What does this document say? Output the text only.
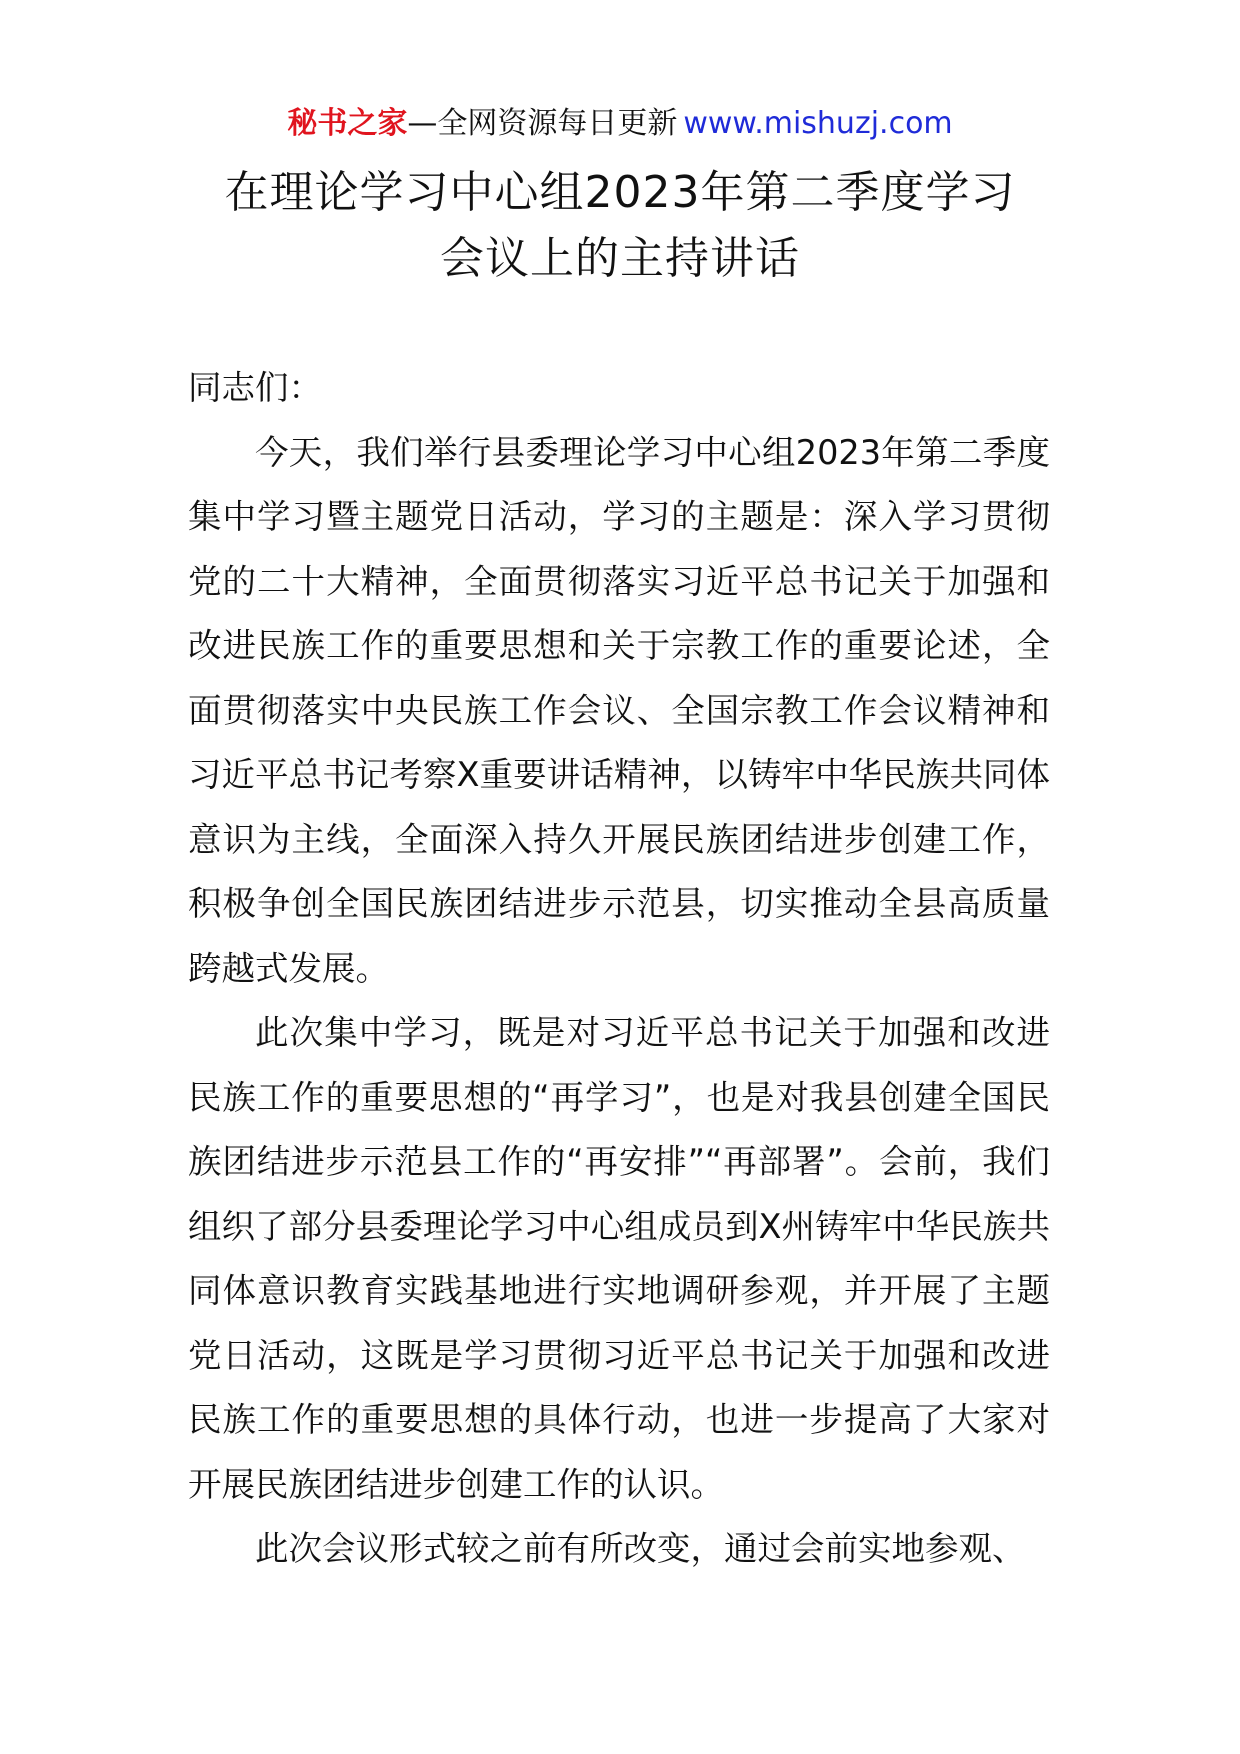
秘书之家—全网资源每日更新 www.mishuzj.com
在理论学习中心组2023年第二季度学习
会议上的主持讲话

同志们：

今天，我们举行县委理论学习中心组2023年第二季度集中学习暨主题党日活动，学习的主题是：深入学习贯彻党的二十大精神，全面贯彻落实习近平总书记关于加强和改进民族工作的重要思想和关于宗教工作的重要论述，全面贯彻落实中央民族工作会议、全国宗教工作会议精神和习近平总书记考察X重要讲话精神，以铸牢中华民族共同体意识为主线，全面深入持久开展民族团结进步创建工作，积极争创全国民族团结进步示范县，切实推动全县高质量跨越式发展。

此次集中学习，既是对习近平总书记关于加强和改进民族工作的重要思想的“再学习”，也是对我县创建全国民族团结进步示范县工作的“再安排”“再部署”。会前，我们组织了部分县委理论学习中心组成员到X州铸牢中华民族共同体意识教育实践基地进行实地调研参观，并开展了主题党日活动，这既是学习贯彻习近平总书记关于加强和改进民族工作的重要思想的具体行动，也进一步提高了大家对开展民族团结进步创建工作的认识。

此次会议形式较之前有所改变，通过会前实地参观、
